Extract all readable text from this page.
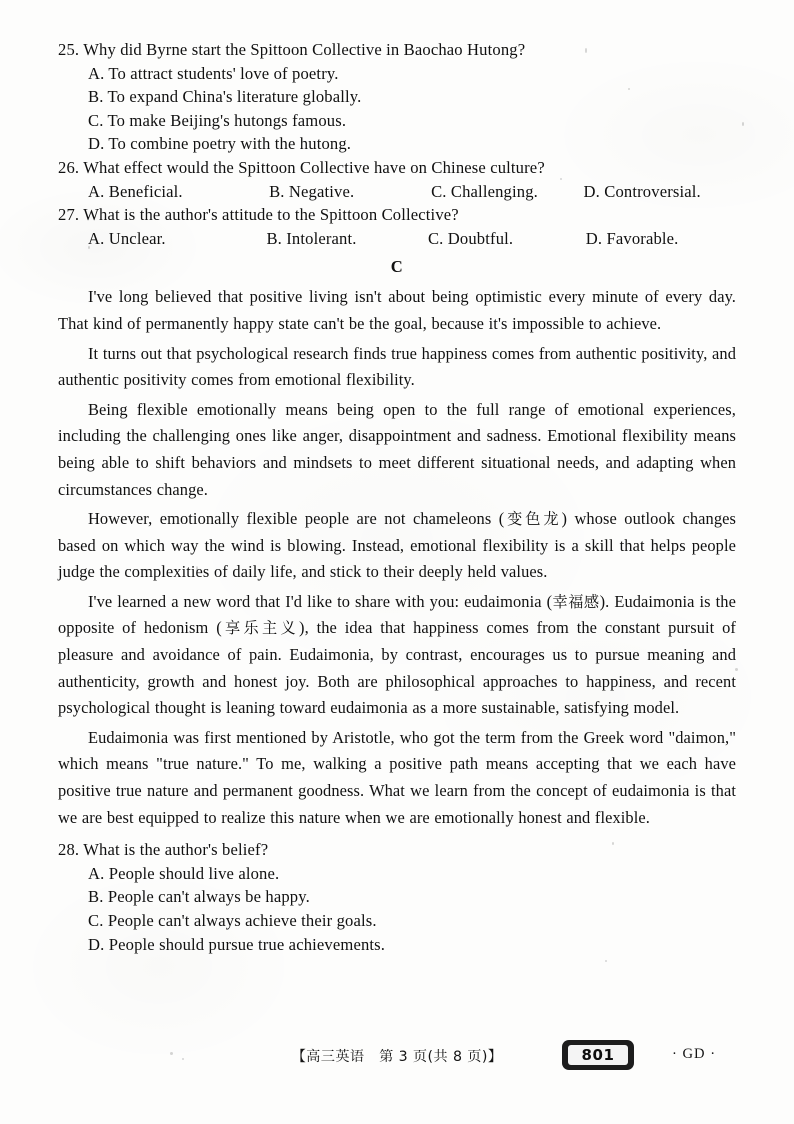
25. Why did Byrne start the Spittoon Collective in Baochao Hutong?
A. To attract students' love of poetry.
B. To expand China's literature globally.
C. To make Beijing's hutongs famous.
D. To combine poetry with the hutong.
26. What effect would the Spittoon Collective have on Chinese culture?
A. Beneficial.	B. Negative.	C. Challenging.	D. Controversial.
27. What is the author's attitude to the Spittoon Collective?
A. Unclear.	B. Intolerant.	C. Doubtful.	D. Favorable.
C

I've long believed that positive living isn't about being optimistic every minute of every day. That kind of permanently happy state can't be the goal, because it's impossible to achieve.

It turns out that psychological research finds true happiness comes from authentic positivity, and authentic positivity comes from emotional flexibility.

Being flexible emotionally means being open to the full range of emotional experiences, including the challenging ones like anger, disappointment and sadness. Emotional flexibility means being able to shift behaviors and mindsets to meet different situational needs, and adapting when circumstances change.

However, emotionally flexible people are not chameleons (变色龙) whose outlook changes based on which way the wind is blowing. Instead, emotional flexibility is a skill that helps people judge the complexities of daily life, and stick to their deeply held values.

I've learned a new word that I'd like to share with you: eudaimonia (幸福感). Eudaimonia is the opposite of hedonism (享乐主义), the idea that happiness comes from the constant pursuit of pleasure and avoidance of pain. Eudaimonia, by contrast, encourages us to pursue meaning and authenticity, growth and honest joy. Both are philosophical approaches to happiness, and recent psychological thought is leaning toward eudaimonia as a more sustainable, satisfying model.

Eudaimonia was first mentioned by Aristotle, who got the term from the Greek word "daimon," which means "true nature." To me, walking a positive path means accepting that we each have positive true nature and permanent goodness. What we learn from the concept of eudaimonia is that we are best equipped to realize this nature when we are emotionally honest and flexible.

28. What is the author's belief?
A. People should live alone.
B. People can't always be happy.
C. People can't always achieve their goals.
D. People should pursue true achievements.
【高三英语　第 3 页(共 8 页)】	801	· GD ·
